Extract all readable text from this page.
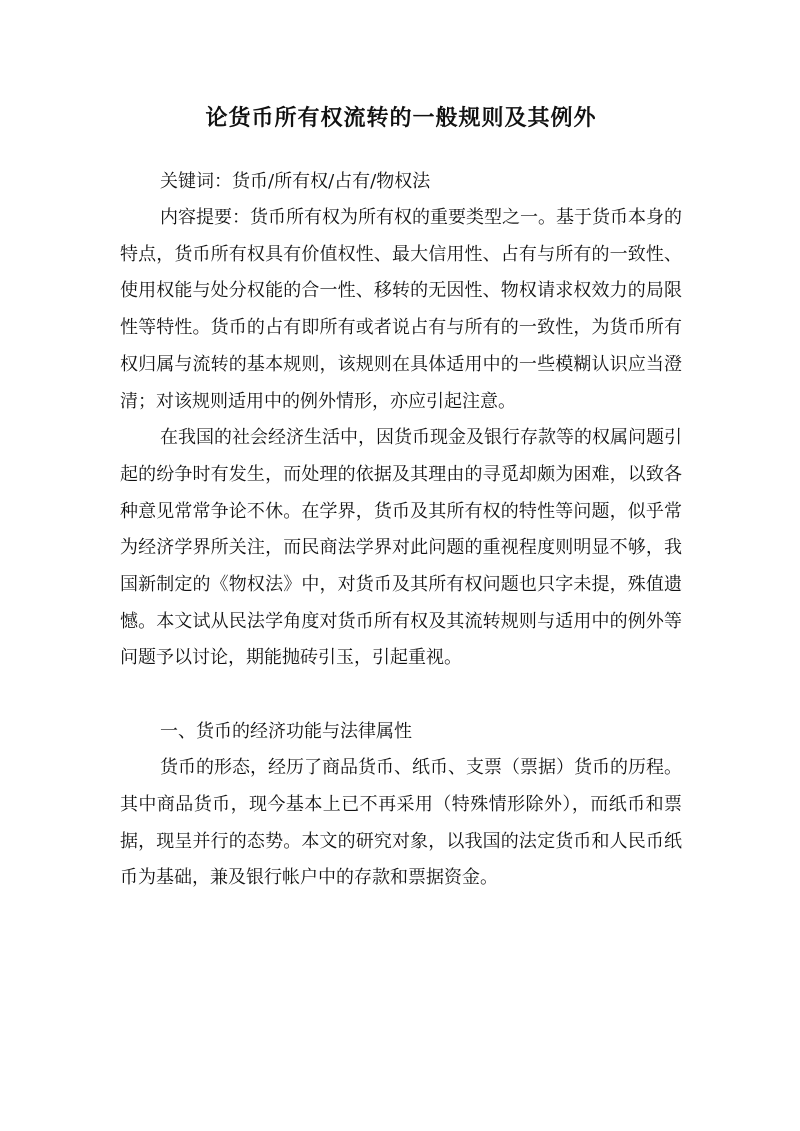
论货币所有权流转的一般规则及其例外

关键词：货币/所有权/占有/物权法

内容提要：货币所有权为所有权的重要类型之一。基于货币本身的特点，货币所有权具有价值权性、最大信用性、占有与所有的一致性、使用权能与处分权能的合一性、移转的无因性、物权请求权效力的局限性等特性。货币的占有即所有或者说占有与所有的一致性，为货币所有权归属与流转的基本规则，该规则在具体适用中的一些模糊认识应当澄清；对该规则适用中的例外情形，亦应引起注意。

在我国的社会经济生活中，因货币现金及银行存款等的权属问题引起的纷争时有发生，而处理的依据及其理由的寻觅却颇为困难，以致各种意见常常争论不休。在学界，货币及其所有权的特性等问题，似乎常为经济学界所关注，而民商法学界对此问题的重视程度则明显不够，我国新制定的《物权法》中，对货币及其所有权问题也只字未提，殊值遗憾。本文试从民法学角度对货币所有权及其流转规则与适用中的例外等问题予以讨论，期能抛砖引玉，引起重视。

一、货币的经济功能与法律属性

货币的形态，经历了商品货币、纸币、支票（票据）货币的历程。其中商品货币，现今基本上已不再采用（特殊情形除外），而纸币和票据，现呈并行的态势。本文的研究对象，以我国的法定货币和人民币纸币为基础，兼及银行帐户中的存款和票据资金。
